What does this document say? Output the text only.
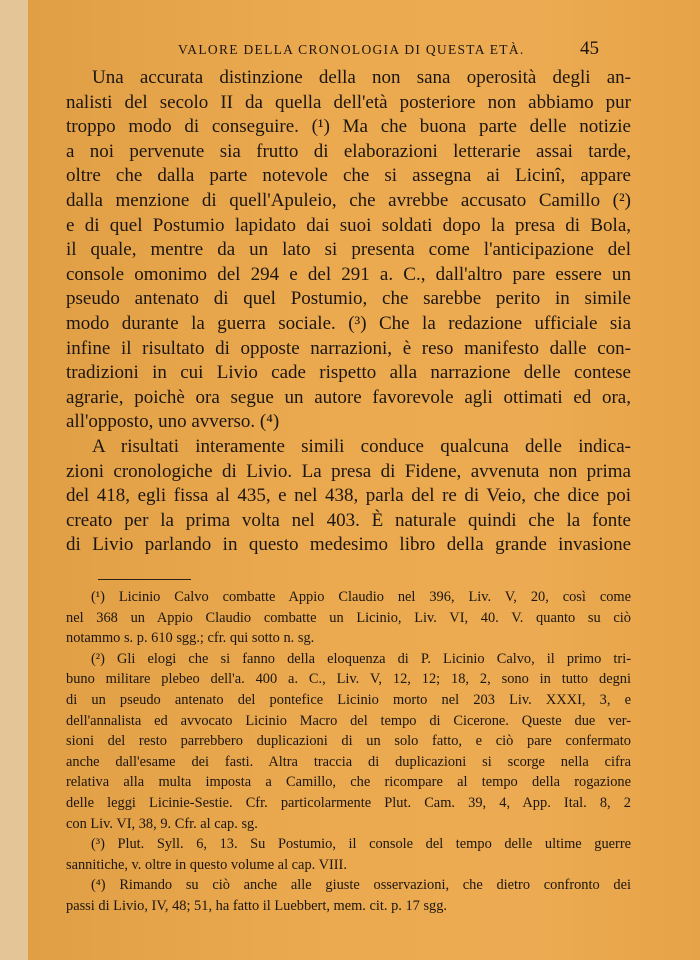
VALORE DELLA CRONOLOGIA DI QUESTA ETÀ.	45

Una accurata distinzione della non sana operosità degli an-
nalisti del secolo II da quella dell'età posteriore non abbiamo pur
troppo modo di conseguire. (¹) Ma che buona parte delle notizie
a noi pervenute sia frutto di elaborazioni letterarie assai tarde,
oltre che dalla parte notevole che si assegna ai Licinî, appare
dalla menzione di quell'Apuleio, che avrebbe accusato Camillo (²)
e di quel Postumio lapidato dai suoi soldati dopo la presa di Bola,
il quale, mentre da un lato si presenta come l'anticipazione del
console omonimo del 294 e del 291 a. C., dall'altro pare essere un
pseudo antenato di quel Postumio, che sarebbe perito in simile
modo durante la guerra sociale. (³) Che la redazione ufficiale sia
infine il risultato di opposte narrazioni, è reso manifesto dalle con-
tradizioni in cui Livio cade rispetto alla narrazione delle contese
agrarie, poichè ora segue un autore favorevole agli ottimati ed ora,
all'opposto, uno avverso. (⁴)

A risultati interamente simili conduce qualcuna delle indica-
zioni cronologiche di Livio. La presa di Fidene, avvenuta non prima
del 418, egli fissa al 435, e nel 438, parla del re di Veio, che dice poi
creato per la prima volta nel 403. È naturale quindi che la fonte
di Livio parlando in questo medesimo libro della grande invasione

(¹) Licinio Calvo combatte Appio Claudio nel 396, Liv. V, 20, così come
nel 368 un Appio Claudio combatte un Licinio, Liv. VI, 40. V. quanto su ciò
notammo s. p. 610 sgg.; cfr. qui sotto n. sg.
(²) Gli elogi che si fanno della eloquenza di P. Licinio Calvo, il primo tri-
buno militare plebeo dell'a. 400 a. C., Liv. V, 12, 12; 18, 2, sono in tutto degni
di un pseudo antenato del pontefice Licinio morto nel 203 Liv. XXXI, 3, e
dell'annalista ed avvocato Licinio Macro del tempo di Cicerone. Queste due ver-
sioni del resto parrebbero duplicazioni di un solo fatto, e ciò pare confermato
anche dall'esame dei fasti. Altra traccia di duplicazioni si scorge nella cifra
relativa alla multa imposta a Camillo, che ricompare al tempo della rogazione
delle leggi Licinie-Sestie. Cfr. particolarmente Plut. Cam. 39, 4, App. Ital. 8, 2
con Liv. VI, 38, 9. Cfr. al cap. sg.
(³) Plut. Syll. 6, 13. Su Postumio, il console del tempo delle ultime guerre
sannitiche, v. oltre in questo volume al cap. VIII.
(⁴) Rimando su ciò anche alle giuste osservazioni, che dietro confronto dei
passi di Livio, IV, 48; 51, ha fatto il Luebbert, mem. cit. p. 17 sgg.
